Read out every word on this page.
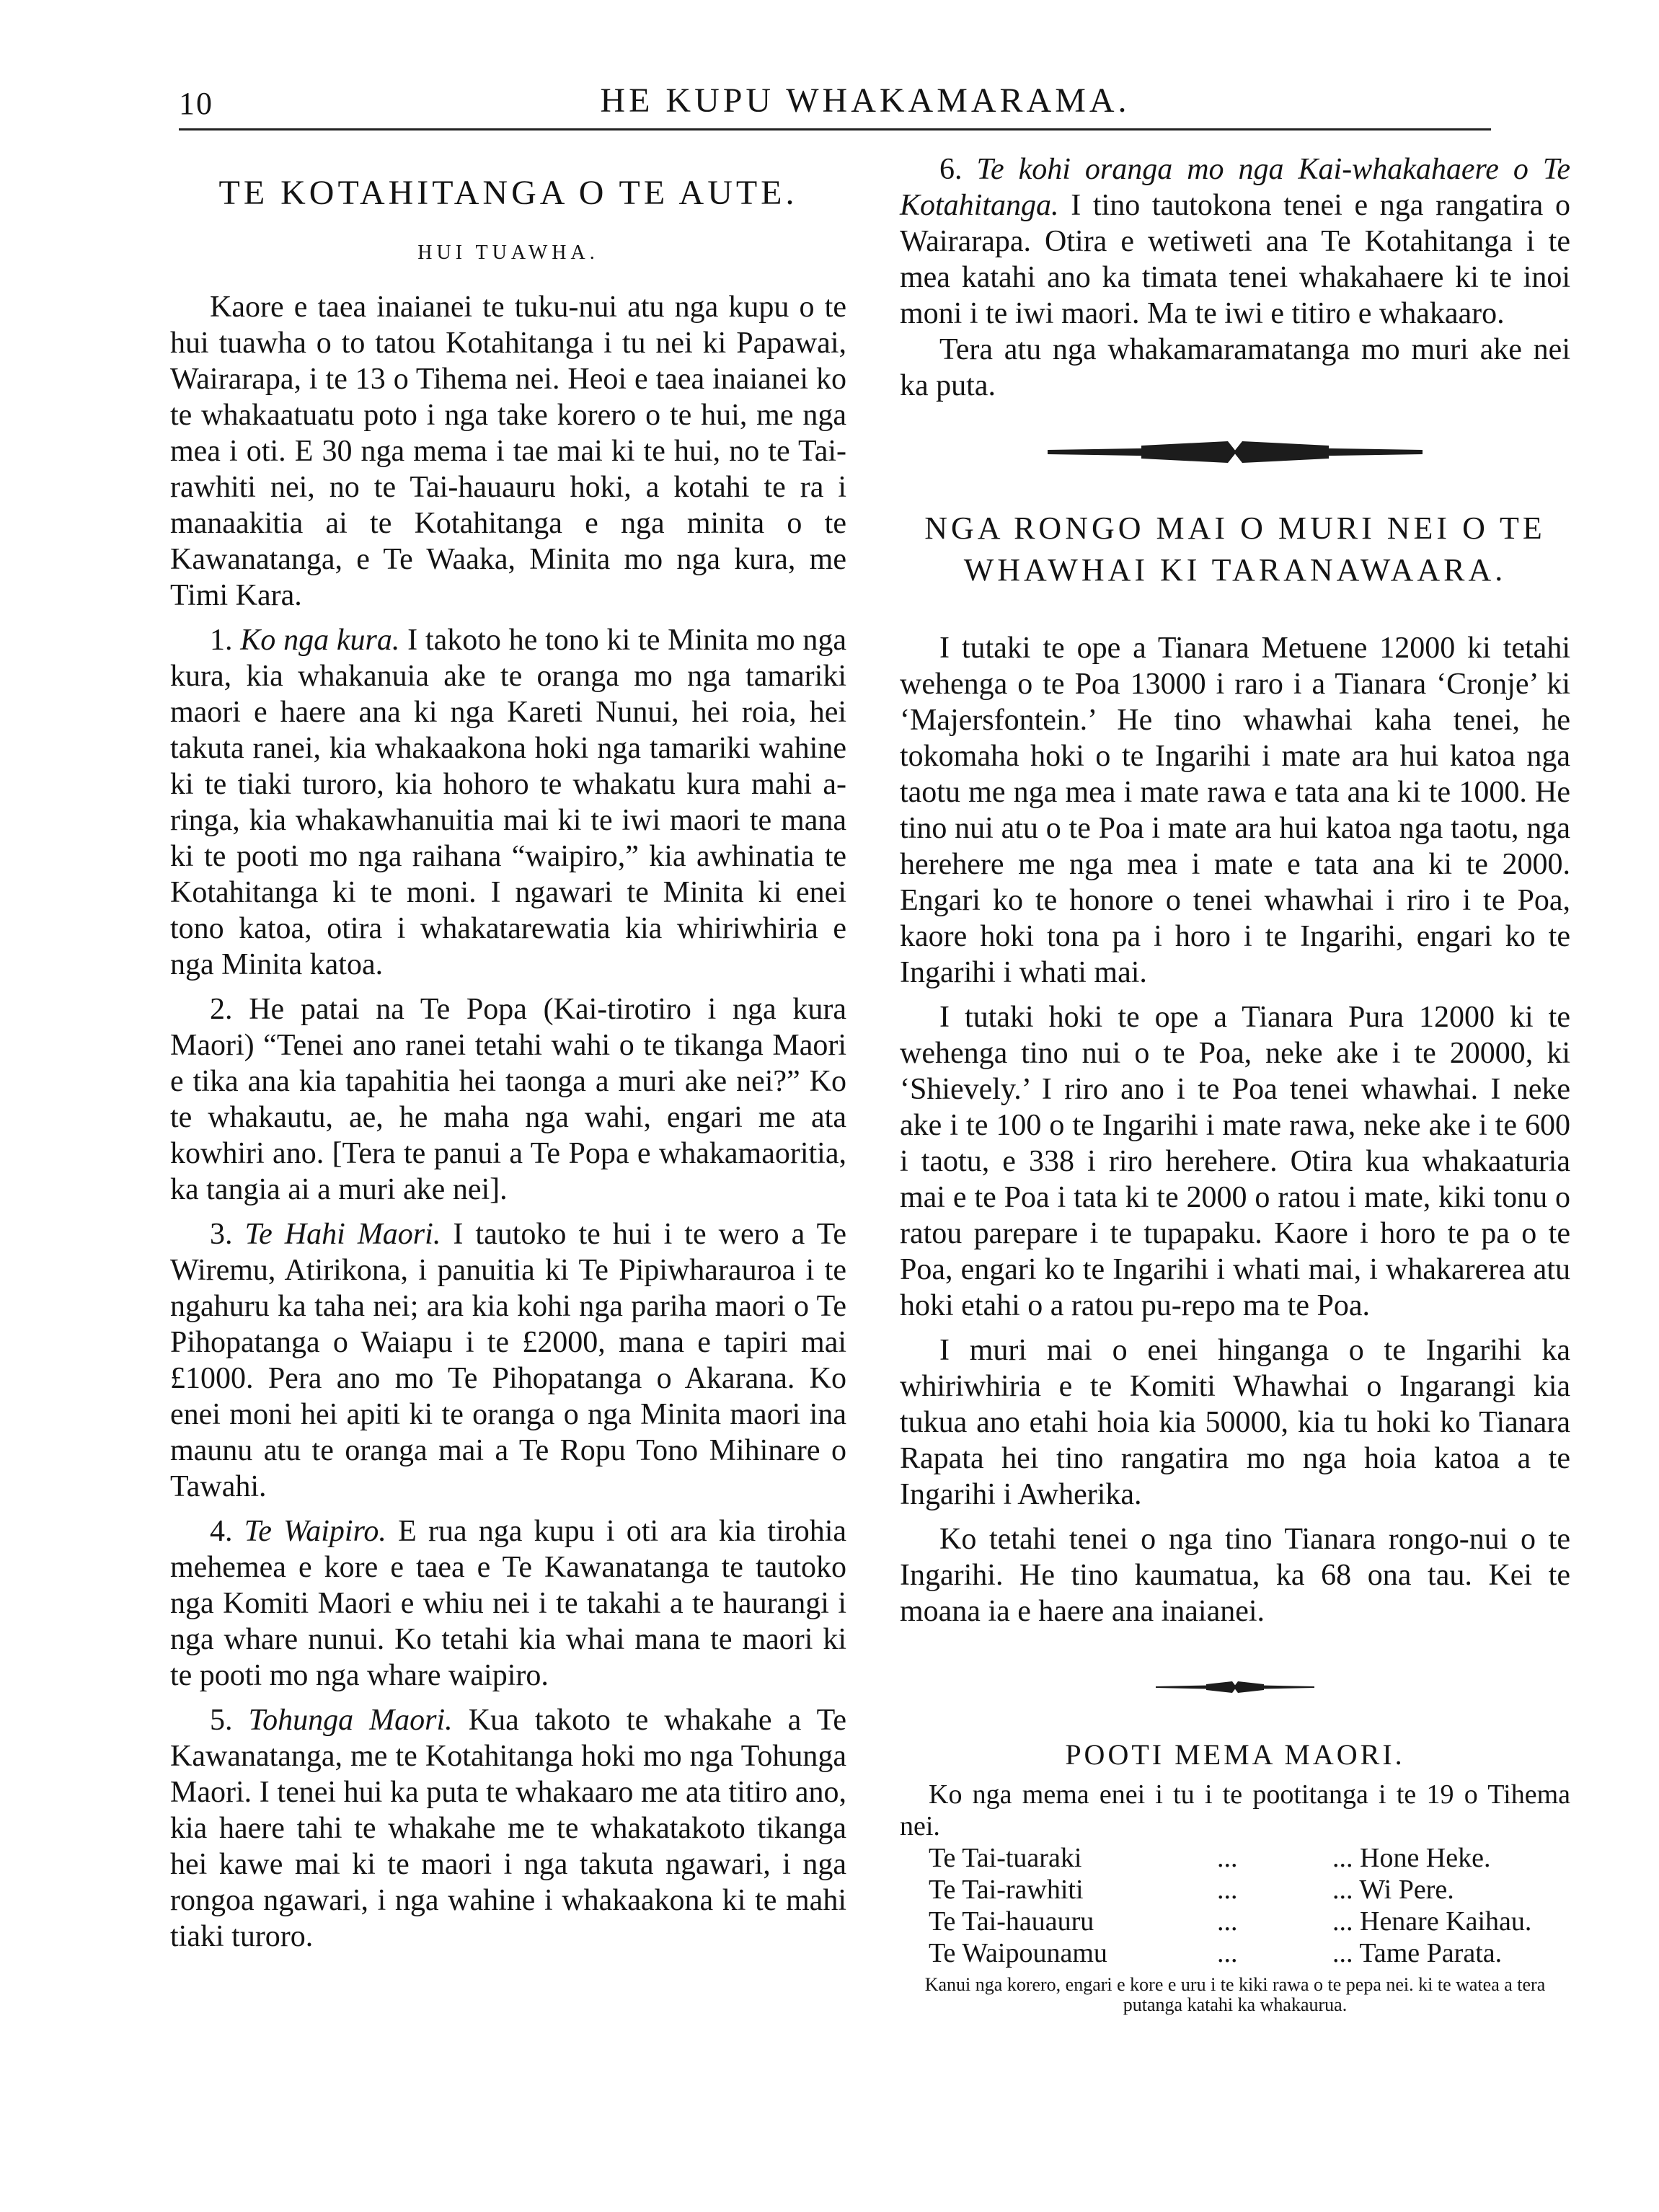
10	HE KUPU WHAKAMARAMA.
TE KOTAHITANGA O TE AUTE.
HUI TUAWHA.

Kaore e taea inaianei te tuku-nui atu nga kupu o te hui tuawha o to tatou Kotahitanga i tu nei ki Papawai, Wairarapa, i te 13 o Tihema nei. Heoi e taea inaianei ko te whakaatuatu poto i nga take korero o te hui, me nga mea i oti. E 30 nga mema i tae mai ki te hui, no te Tai-rawhiti nei, no te Tai-hauauru hoki, a kotahi te ra i manaakitia ai te Kotahitanga e nga minita o te Kawanatanga, e Te Waaka, Minita mo nga kura, me Timi Kara.

1. Ko nga kura. I takoto he tono ki te Minita mo nga kura, kia whakanuia ake te oranga mo nga tamariki maori e haere ana ki nga Kareti Nunui, hei roia, hei takuta ranei, kia whakaakona hoki nga tamariki wahine ki te tiaki turoro, kia hohoro te whakatu kura mahi a-ringa, kia whakawhanuitia mai ki te iwi maori te mana ki te pooti mo nga raihana “waipiro,” kia awhinatia te Kotahitanga ki te moni. I ngawari te Minita ki enei tono katoa, otira i whakatarewatia kia whiriwhiria e nga Minita katoa.

2. He patai na Te Popa (Kai-tirotiro i nga kura Maori) “Tenei ano ranei tetahi wahi o te tikanga Maori e tika ana kia tapahitia hei taonga a muri ake nei?” Ko te whakautu, ae, he maha nga wahi, engari me ata kowhiri ano. [Tera te panui a Te Popa e whakamaoritia, ka tangia ai a muri ake nei].

3. Te Hahi Maori. I tautoko te hui i te wero a Te Wiremu, Atirikona, i panuitia ki Te Pipiwharauroa i te ngahuru ka taha nei; ara kia kohi nga pariha maori o Te Pihopatanga o Waiapu i te £2000, mana e tapiri mai £1000. Pera ano mo Te Pihopatanga o Akarana. Ko enei moni hei apiti ki te oranga o nga Minita maori ina maunu atu te oranga mai a Te Ropu Tono Mihinare o Tawahi.

4. Te Waipiro. E rua nga kupu i oti ara kia tirohia mehemea e kore e taea e Te Kawanatanga te tautoko nga Komiti Maori e whiu nei i te takahi a te haurangi i nga whare nunui. Ko tetahi kia whai mana te maori ki te pooti mo nga whare waipiro.

5. Tohunga Maori. Kua takoto te whakahe a Te Kawanatanga, me te Kotahitanga hoki mo nga Tohunga Maori. I tenei hui ka puta te whakaaro me ata titiro ano, kia haere tahi te whakahe me te whakatakoto tikanga hei kawe mai ki te maori i nga takuta ngawari, i nga rongoa ngawari, i nga wahine i whakaakona ki te mahi tiaki turoro.

6. Te kohi oranga mo nga Kai-whakahaere o Te Kotahitanga. I tino tautokona tenei e nga rangatira o Wairarapa. Otira e wetiweti ana Te Kotahitanga i te mea katahi ano ka timata tenei whakahaere ki te inoi moni i te iwi maori. Ma te iwi e titiro e whakaaro.

Tera atu nga whakamaramatanga mo muri ake nei ka puta.

NGA RONGO MAI O MURI NEI O TE WHAWHAI KI TARANAWAARA.

I tutaki te ope a Tianara Metuene 12000 ki tetahi wehenga o te Poa 13000 i raro i a Tianara ‘Cronje’ ki ‘Majersfontein.’ He tino whawhai kaha tenei, he tokomaha hoki o te Ingarihi i mate ara hui katoa nga taotu me nga mea i mate rawa e tata ana ki te 1000. He tino nui atu o te Poa i mate ara hui katoa nga taotu, nga herehere me nga mea i mate e tata ana ki te 2000. Engari ko te honore o tenei whawhai i riro i te Poa, kaore hoki tona pa i horo i te Ingarihi, engari ko te Ingarihi i whati mai.

I tutaki hoki te ope a Tianara Pura 12000 ki te wehenga tino nui o te Poa, neke ake i te 20000, ki ‘Shievely.’ I riro ano i te Poa tenei whawhai. I neke ake i te 100 o te Ingarihi i mate rawa, neke ake i te 600 i taotu, e 338 i riro herehere. Otira kua whakaaturia mai e te Poa i tata ki te 2000 o ratou i mate, kiki tonu o ratou parepare i te tupapaku. Kaore i horo te pa o te Poa, engari ko te Ingarihi i whati mai, i whakarerea atu hoki etahi o a ratou pu-repo ma te Poa.

I muri mai o enei hinganga o te Ingarihi ka whiriwhiria e te Komiti Whawhai o Ingarangi kia tukua ano etahi hoia kia 50000, kia tu hoki ko Tianara Rapata hei tino rangatira mo nga hoia katoa a te Ingarihi i Awherika.

Ko tetahi tenei o nga tino Tianara rongo-nui o te Ingarihi. He tino kaumatua, ka 68 ona tau. Kei te moana ia e haere ana inaianei.

POOTI MEMA MAORI.
Ko nga mema enei i tu i te pootitanga i te 19 o Tihema nei.
Te Tai-tuaraki	...	... Hone Heke.
Te Tai-rawhiti	...	... Wi Pere.
Te Tai-hauauru	...	... Henare Kaihau.
Te Waipounamu	...	... Tame Parata.
Kanui nga korero, engari e kore e uru i te kiki rawa o te pepa nei. ki te watea a tera putanga katahi ka whakaurua.
